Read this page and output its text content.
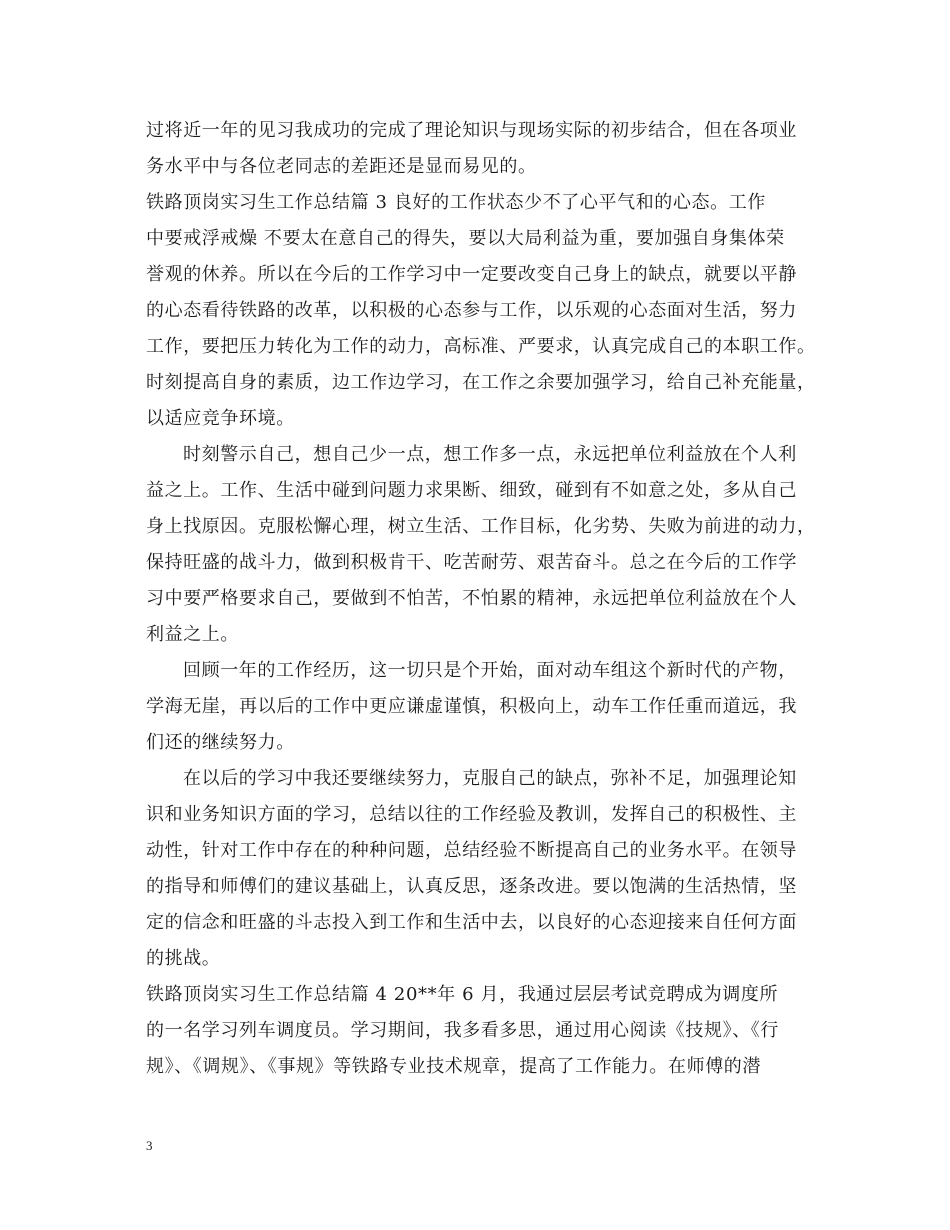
过将近一年的见习我成功的完成了理论知识与现场实际的初步结合，但在各项业
务水平中与各位老同志的差距还是显而易见的。
铁路顶岗实习生工作总结篇 3 良好的工作状态少不了心平气和的心态。工作
中要戒浮戒燥 不要太在意自己的得失，要以大局利益为重，要加强自身集体荣
誉观的休养。所以在今后的工作学习中一定要改变自己身上的缺点，就要以平静
的心态看待铁路的改革，以积极的心态参与工作，以乐观的心态面对生活，努力
工作，要把压力转化为工作的动力，高标准、严要求，认真完成自己的本职工作。
时刻提高自身的素质，边工作边学习，在工作之余要加强学习，给自己补充能量，
以适应竞争环境。
时刻警示自己，想自己少一点，想工作多一点，永远把单位利益放在个人利
益之上。工作、生活中碰到问题力求果断、细致，碰到有不如意之处，多从自己
身上找原因。克服松懈心理，树立生活、工作目标，化劣势、失败为前进的动力，
保持旺盛的战斗力，做到积极肯干、吃苦耐劳、艰苦奋斗。总之在今后的工作学
习中要严格要求自己，要做到不怕苦，不怕累的精神，永远把单位利益放在个人
利益之上。
回顾一年的工作经历，这一切只是个开始，面对动车组这个新时代的产物，
学海无崖，再以后的工作中更应谦虚谨慎，积极向上，动车工作任重而道远，我
们还的继续努力。
在以后的学习中我还要继续努力，克服自己的缺点，弥补不足，加强理论知
识和业务知识方面的学习，总结以往的工作经验及教训，发挥自己的积极性、主
动性，针对工作中存在的种种问题，总结经验不断提高自己的业务水平。在领导
的指导和师傅们的建议基础上，认真反思，逐条改进。要以饱满的生活热情，坚
定的信念和旺盛的斗志投入到工作和生活中去，以良好的心态迎接来自任何方面
的挑战。
铁路顶岗实习生工作总结篇 4 20**年 6 月，我通过层层考试竞聘成为调度所
的一名学习列车调度员。学习期间，我多看多思，通过用心阅读《技规》、《行
规》、《调规》、《事规》等铁路专业技术规章，提高了工作能力。在师傅的潜
3
